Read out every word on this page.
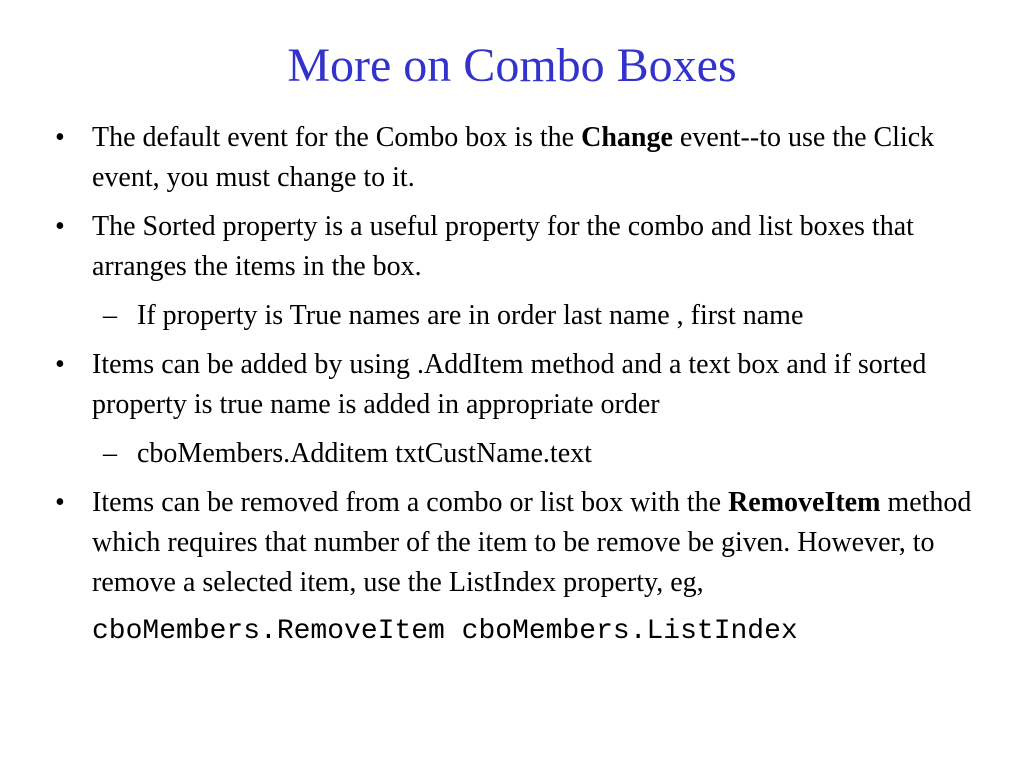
More on Combo Boxes
• The default event for the Combo box is the Change event--to use the Click event, you must change to it.
• The Sorted property is a useful property for the combo and list boxes that arranges the items in the box.
– If property is True names are in order last name , first name
• Items can be added by using .AddItem method and a text box and if sorted property is true name is added in appropriate order
– cboMembers.Additem txtCustName.text
• Items can be removed from a combo or list box with the RemoveItem method which requires that number of the item to be remove be given. However, to remove a selected item, use the ListIndex property, eg,
cboMembers.RemoveItem cboMembers.ListIndex
